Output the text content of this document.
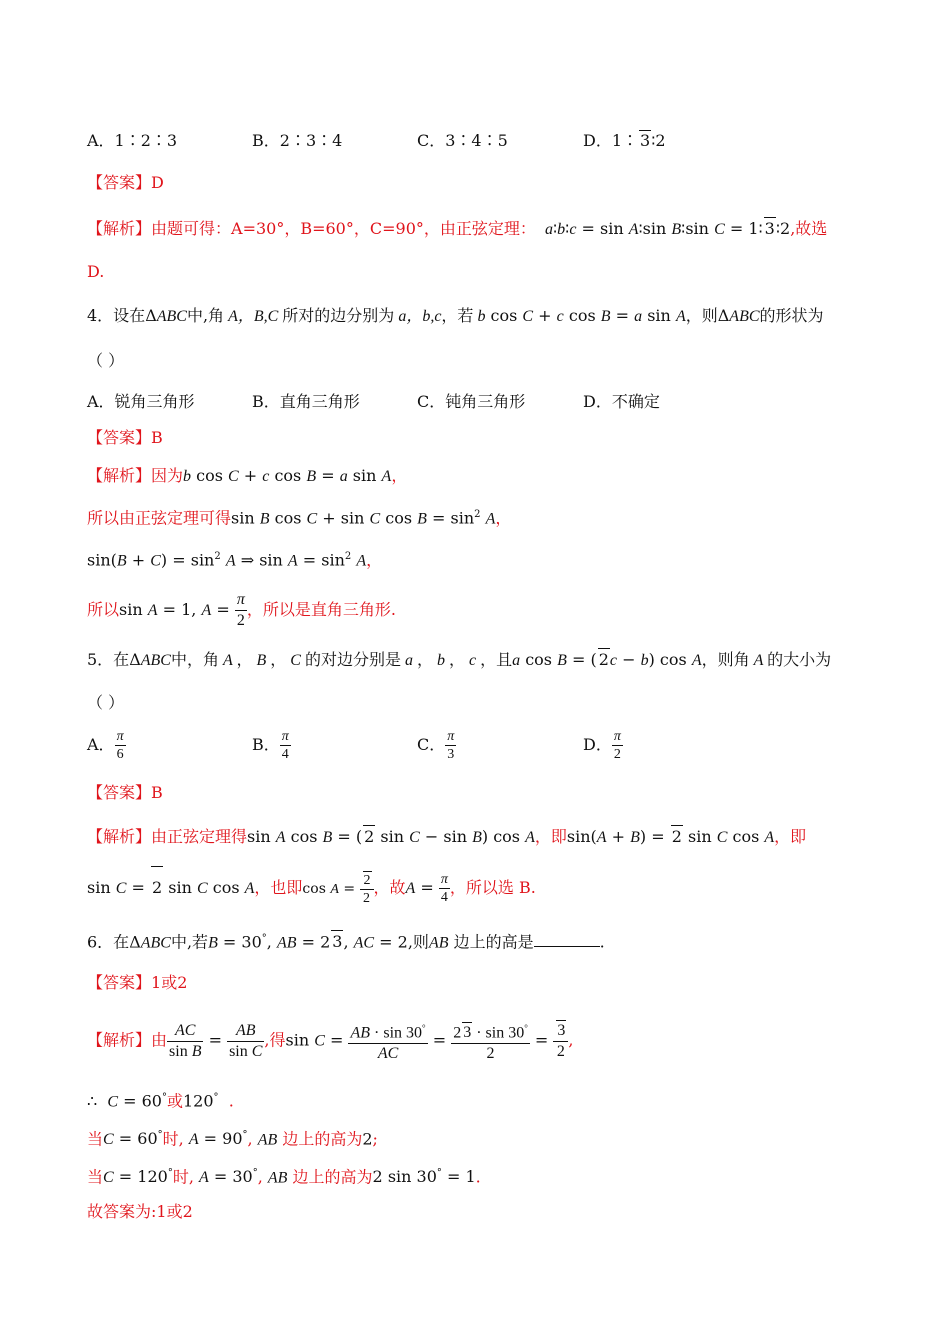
A．1∶2∶3	B．2∶3∶4	C．3∶4∶5	D．1∶ 3∶2
【答案】D
【解析】由题可得：A=30°，B=60°，C=90°，由正弦定理：  a∶b∶c = sin A∶sin B∶sin C = 1∶ 3∶2,故选
D.
4．设在ΔABC中,角 A，B,C 所对的边分别为 a，b,c，若 b cos C + c cos B = a sin A，则ΔABC的形状为
（ ）
A．锐角三角形	B．直角三角形	C．钝角三角形	D．不确定
【答案】B
【解析】因为b cos C + c cos B = a sin A，
所以由正弦定理可得sin B cos C + sin C $\cos B = \sin^2 A$，
$\sin(B + C) = \sin^2 A$ ⇒ $\sin A = \sin^2 A$，
所以sin A = 1, $A = \frac{\pi}{2}$ ，所以是直角三角形.
5．在ΔABC中，角 A ， B ， C 的对边分别是 a ， b ， c ，且a cos B = ( 2c − b) cos A，则角 A 的大小为
（ ）
A． $\frac{\pi}{6}$	B． $\frac{\pi}{4}$	C． $\frac{\pi}{3}$	D． $\frac{\pi}{2}$
【答案】B
【解析】由正弦定理得sin A cos B = ( 2 sin C − sin B) cos A，即sin(A + B) = 2 sin C cos A，即
sin C = 2 sin C cos A，也即$\cos A = \frac{2}{2}$ ，故$A = \frac{\pi}{4}$ ，所以选 B.
6．在ΔABC中,若B = 30°, AB = 2 3, AC = 2,则AB 边上的高是	.
【答案】1或2
【解析】由 $\frac{AC}{\text{sin B}} = \frac{AB}{\text{sin C}}$ ,得$\sin C = \frac{AB \cdot \sin 30^\circ}{AC} = \frac{2 3 \cdot \sin 30^\circ}{2} = \frac{3}{2}$ ,
∴ C = 60°或120° .
当C = 60°时, A = 90°, AB 边上的高为2;
当C = 120°时, A = 30°, AB 边上的高为2 sin 30° = 1.
故答案为:1或2
